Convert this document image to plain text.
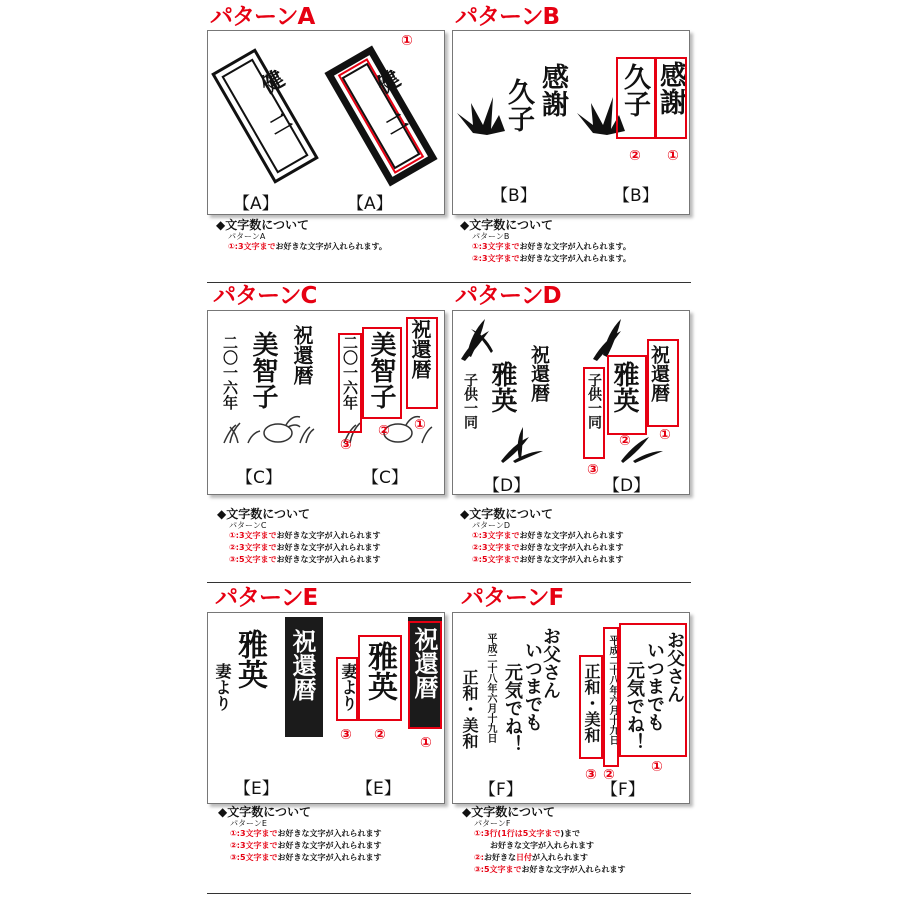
パターンA
健
二
健
二
①
【A】	【A】
◆文字数について
パターンA
①:3文字までお好きな文字が入れられます。
パターンB
感謝
久子	感謝
久子
② ①
【B】	【B】
◆文字数について
パターンB
①:3文字までお好きな文字が入れられます。
②:3文字までお好きな文字が入れられます。
パターンC
祝還暦
美智子
二〇一六年	祝還暦
美智子
二〇一六年
③
② ①
【C】	【C】
◆文字数について
パターンC
①:3文字までお好きな文字が入れられます
②:3文字までお好きな文字が入れられます
③:5文字までお好きな文字が入れられます
パターンD
祝還暦
雅英
子供一同	祝還暦
雅英
子供一同
③
② ①
【D】	【D】
◆文字数について
パターンD
①:3文字までお好きな文字が入れられます
②:3文字までお好きな文字が入れられます
③:5文字までお好きな文字が入れられます
パターンE
祝還暦
雅英
妻より	祝還暦
雅英
妻より
③ ② ①
【E】	【E】
◆文字数について
パターンE
①:3文字までお好きな文字が入れられます
②:3文字までお好きな文字が入れられます
③:5文字までお好きな文字が入れられます
パターンF
お父さん
いつまでも
元気でね！
平成二十八年六月十九日
正和・美和
お父さん
いつまでも
元気でね！
平成二十八年六月十九日
正和・美和
③ ②	①
【F】	【F】
◆文字数について
パターンF
①:3行(1行は5文字まで)まで
お好きな文字が入れられます
②:お好きな日付が入れられます
③:5文字までお好きな文字が入れられます
